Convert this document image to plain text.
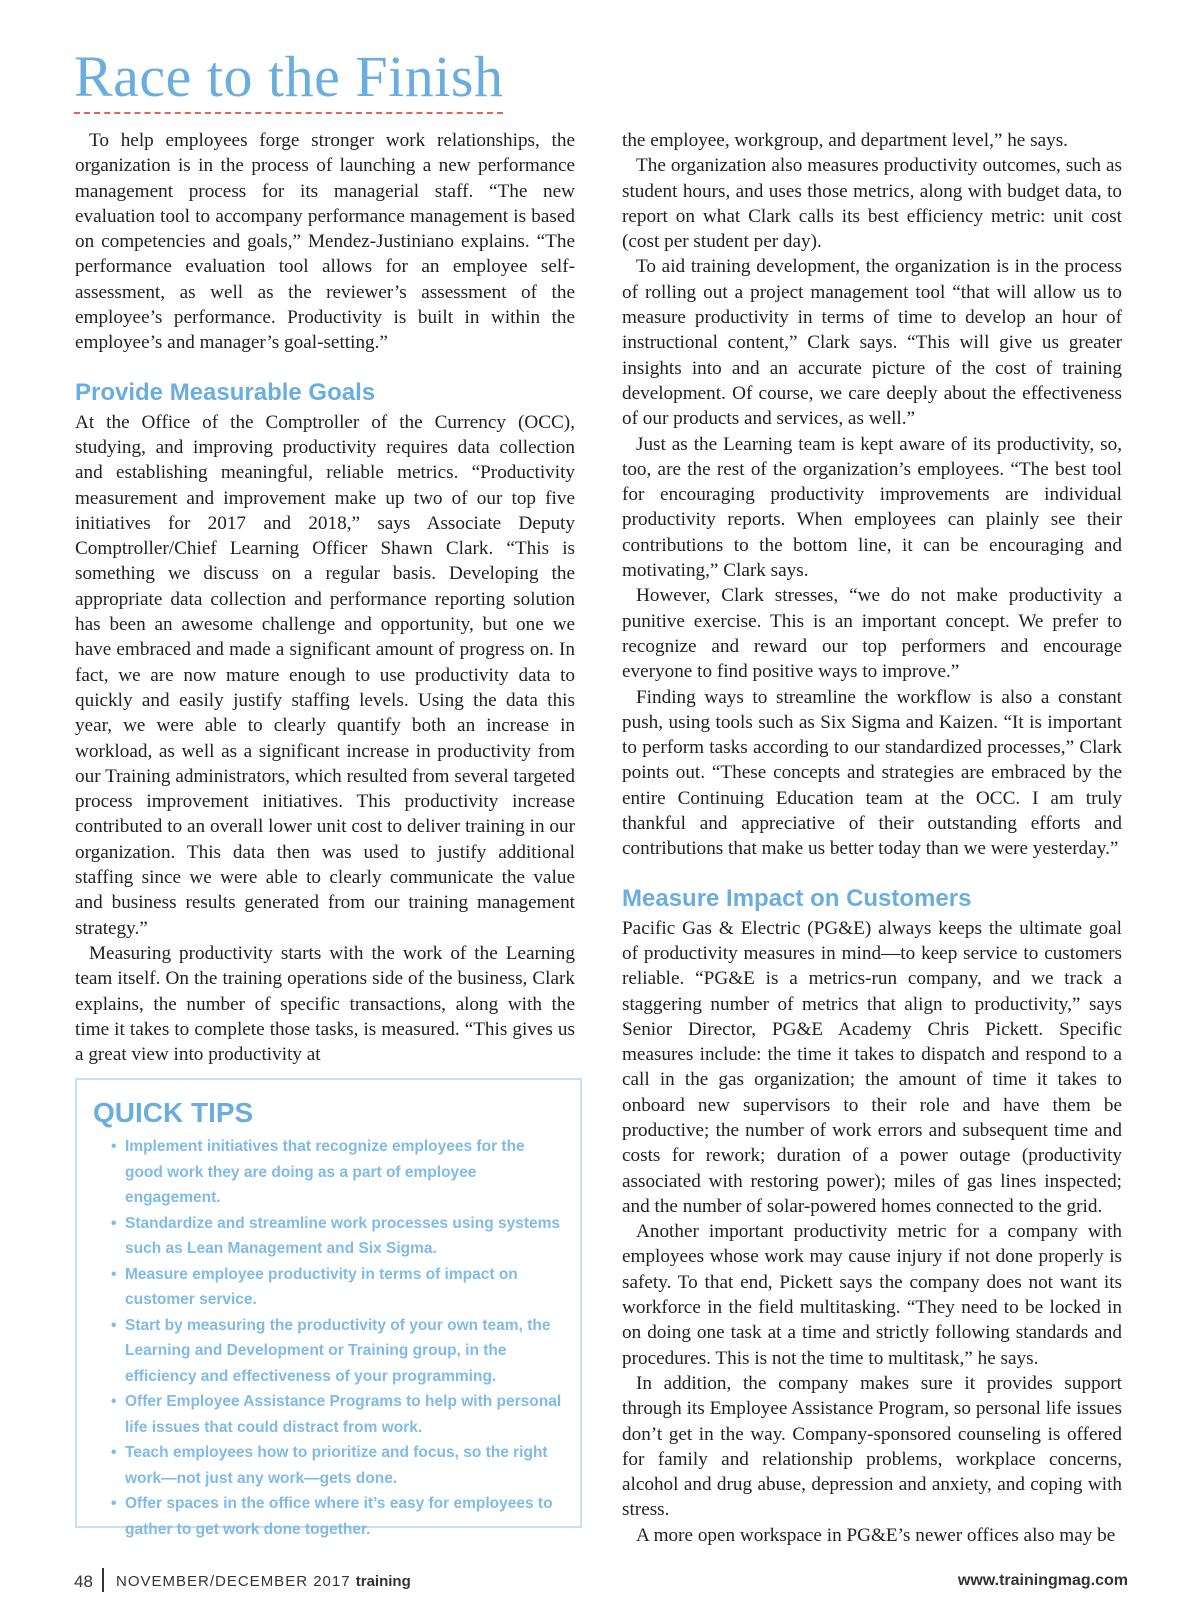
Race to the Finish

To help employees forge stronger work relationships, the organization is in the process of launching a new performance management process for its managerial staff. “The new evaluation tool to accompany performance management is based on competencies and goals,” Mendez-Justiniano explains. “The performance evaluation tool allows for an employee self-assessment, as well as the reviewer’s assessment of the employee’s performance. Productivity is built in within the employee’s and manager’s goal-setting.”

Provide Measurable Goals

At the Office of the Comptroller of the Currency (OCC), studying, and improving productivity requires data collection and establishing meaningful, reliable metrics. “Productivity measurement and improvement make up two of our top five initiatives for 2017 and 2018,” says Associate Deputy Comptroller/Chief Learning Officer Shawn Clark. “This is something we discuss on a regular basis. Developing the appropriate data collection and performance reporting solution has been an awesome challenge and opportunity, but one we have embraced and made a significant amount of progress on. In fact, we are now mature enough to use productivity data to quickly and easily justify staffing levels. Using the data this year, we were able to clearly quantify both an increase in workload, as well as a significant increase in productivity from our Training administrators, which resulted from several targeted process improvement initiatives. This productivity increase contributed to an overall lower unit cost to deliver training in our organization. This data then was used to justify additional staffing since we were able to clearly communicate the value and business results generated from our training management strategy.”

Measuring productivity starts with the work of the Learning team itself. On the training operations side of the business, Clark explains, the number of specific transactions, along with the time it takes to complete those tasks, is measured. “This gives us a great view into productivity at

QUICK TIPS
• Implement initiatives that recognize employees for the good work they are doing as a part of employee engagement.
• Standardize and streamline work processes using systems such as Lean Management and Six Sigma.
• Measure employee productivity in terms of impact on customer service.
• Start by measuring the productivity of your own team, the Learning and Development or Training group, in the efficiency and effectiveness of your programming.
• Offer Employee Assistance Programs to help with personal life issues that could distract from work.
• Teach employees how to prioritize and focus, so the right work—not just any work—gets done.
• Offer spaces in the office where it’s easy for employees to gather to get work done together.

the employee, workgroup, and department level,” he says.

The organization also measures productivity outcomes, such as student hours, and uses those metrics, along with budget data, to report on what Clark calls its best efficiency metric: unit cost (cost per student per day).

To aid training development, the organization is in the process of rolling out a project management tool “that will allow us to measure productivity in terms of time to develop an hour of instructional content,” Clark says. “This will give us greater insights into and an accurate picture of the cost of training development. Of course, we care deeply about the effectiveness of our products and services, as well.”

Just as the Learning team is kept aware of its productivity, so, too, are the rest of the organization’s employees. “The best tool for encouraging productivity improvements are individual productivity reports. When employees can plainly see their contributions to the bottom line, it can be encouraging and motivating,” Clark says.

However, Clark stresses, “we do not make productivity a punitive exercise. This is an important concept. We prefer to recognize and reward our top performers and encourage everyone to find positive ways to improve.”

Finding ways to streamline the workflow is also a constant push, using tools such as Six Sigma and Kaizen. “It is important to perform tasks according to our standardized processes,” Clark points out. “These concepts and strategies are embraced by the entire Continuing Education team at the OCC. I am truly thankful and appreciative of their outstanding efforts and contributions that make us better today than we were yesterday.”

Measure Impact on Customers

Pacific Gas & Electric (PG&E) always keeps the ultimate goal of productivity measures in mind—to keep service to customers reliable. “PG&E is a metrics-run company, and we track a staggering number of metrics that align to productivity,” says Senior Director, PG&E Academy Chris Pickett. Specific measures include: the time it takes to dispatch and respond to a call in the gas organization; the amount of time it takes to onboard new supervisors to their role and have them be productive; the number of work errors and subsequent time and costs for rework; duration of a power outage (productivity associated with restoring power); miles of gas lines inspected; and the number of solar-powered homes connected to the grid.

Another important productivity metric for a company with employees whose work may cause injury if not done properly is safety. To that end, Pickett says the company does not want its workforce in the field multitasking. “They need to be locked in on doing one task at a time and strictly following standards and procedures. This is not the time to multitask,” he says.

In addition, the company makes sure it provides support through its Employee Assistance Program, so personal life issues don’t get in the way. Company-sponsored counseling is offered for family and relationship problems, workplace concerns, alcohol and drug abuse, depression and anxiety, and coping with stress.

A more open workspace in PG&E’s newer offices also may be

48 NOVEMBER/DECEMBER 2017 training	www.trainingmag.com
